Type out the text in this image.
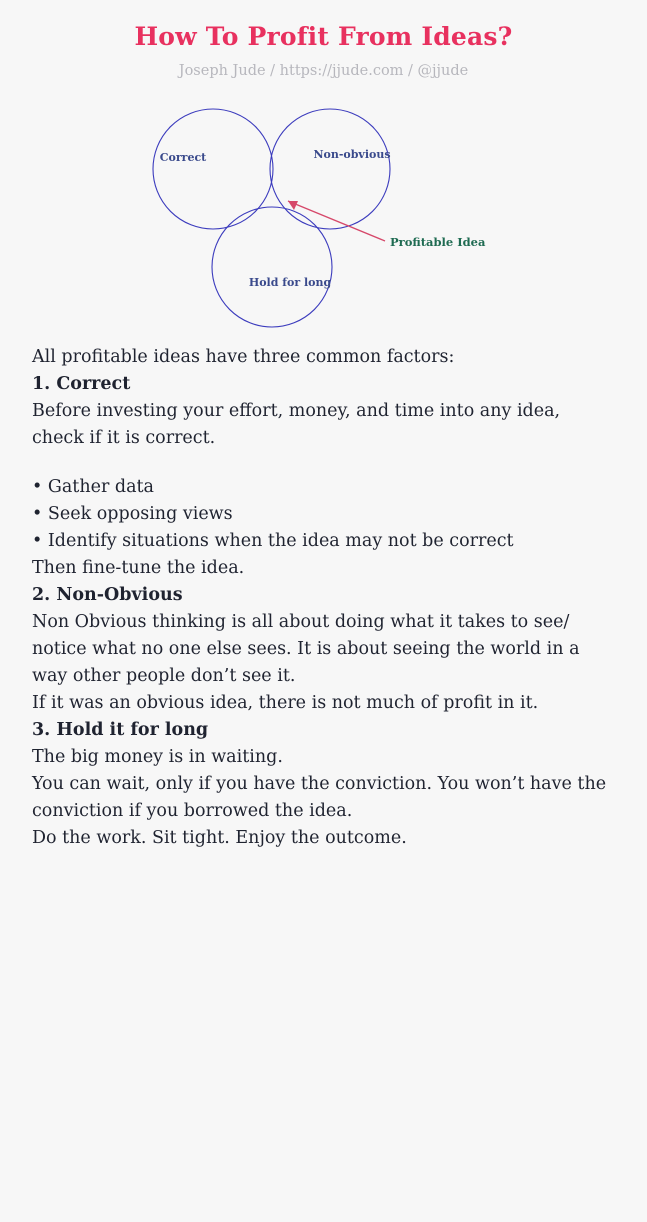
How To Profit From Ideas?
Joseph Jude / https://jjude.com / @jjude
Correct	Non-obvious
Hold for long
Profitable Idea

All profitable ideas have three common factors:

1. Correct

Before investing your effort, money, and time into any idea, check if it is correct.

• Gather data
• Seek opposing views
• Identify situations when the idea may not be correct

Then fine-tune the idea.

2. Non-Obvious

Non Obvious thinking is all about doing what it takes to see/ notice what no one else sees. It is about seeing the world in a way other people don’t see it.

If it was an obvious idea, there is not much of profit in it.

3. Hold it for long

The big money is in waiting.

You can wait, only if you have the conviction. You won’t have the conviction if you borrowed the idea.

Do the work. Sit tight. Enjoy the outcome.
